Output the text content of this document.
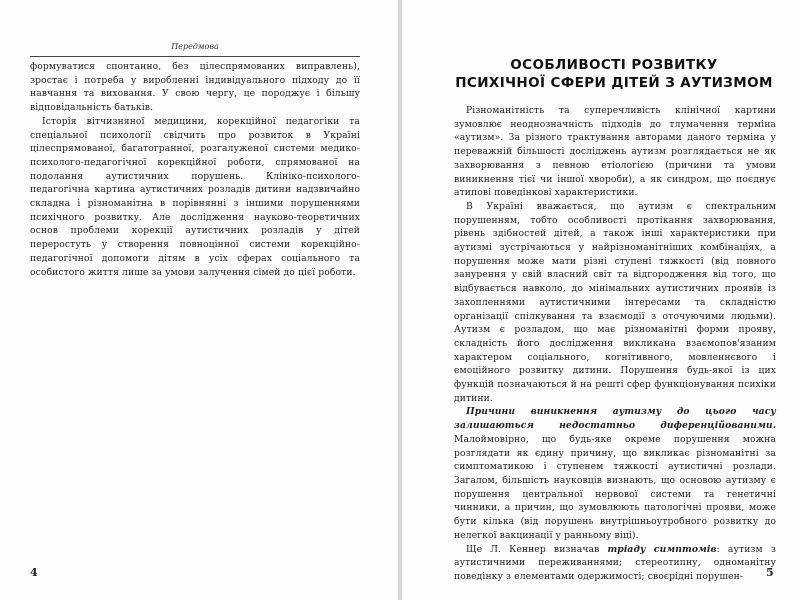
Передмова

формуватися спонтанно, без цілеспрямованих виправлень), зростає і потреба у виробленні індивідуального підходу до її навчання та виховання. У свою чергу, це породжує і більшу відповідальність батьків.

Історія вітчизняної медицини, корекційної педагогіки та спеціальної психології свідчить про розвиток в Україні цілеспрямованої, багатогранної, розгалуженої системи медико-психолого-педагогічної корекційної роботи, спрямованої на подолання аутистичних порушень. Клініко-психолого-педагогічна картина аутистичних розладів дитини надзвичайно складна і різноманітна в порівнянні з іншими порушеннями психічного розвитку. Але дослідження науково-теоретичних основ проблеми корекції аутистичних розладів у дітей переростуть у створення повноцінної системи корекційно-педагогічної допомоги дітям в усіх сферах соціального та особистого життя лише за умови залучення сімей до цієї роботи.

4
ОСОБЛИВОСТІ РОЗВИТКУ
ПСИХІЧНОЇ СФЕРИ ДІТЕЙ З АУТИЗМОМ

Різноманітність та суперечливість клінічної картини зумовлює неоднозначність підходів до тлумачення терміна «аутизм». За різного трактування авторами даного терміна у переважній більшості досліджень аутизм розглядається не як захворювання з певною етіологією (причини та умови виникнення тієї чи іншої хвороби), а як синдром, що поєднує атипові поведінкові характеристики.

В Україні вважається, що аутизм є спектральним порушенням, тобто особливості протікання захворювання, рівень здібностей дітей, а також інші характеристики при аутизмі зустрічаються у найрізноманітніших комбінаціях, а порушення може мати різні ступені тяжкості (від повного занурення у свій власний світ та відгородження від того, що відбувається навколо, до мінімальних аутистичних проявів із захопленнями аутистичними інтересами та складністю організації спілкування та взаємодії з оточуючими людьми). Аутизм є розладом, що має різноманітні форми прояву, складність його дослідження викликана взаємопов'язаним характером соціального, когнітивного, мовленнєвого і емоційного розвитку дитини. Порушення будь-якої із цих функцій позначаються й на решті сфер функціонування психіки дитини.

Причини виникнення аутизму до цього часу залишаються недостатньо диференційованими. Малоймовірно, що будь-яке окреме порушення можна розглядати як єдину причину, що викликає різноманітні за симптоматикою і ступенем тяжкості аутистичні розлади. Загалом, більшість науковців визнають, що основою аутизму є порушення центральної нервової системи та генетичні чинники, а причин, що зумовлюють патологічні прояви, може бути кілька (від порушень внутрішньоутробного розвитку до нелегкої вакцинації у ранньому віці).

Ще Л. Кеннер визначав тріаду симптомів: аутизм з аутистичними переживаннями; стереотипну, одноманітну поведінку з елементами одержимості; своєрідні порушен-	5
